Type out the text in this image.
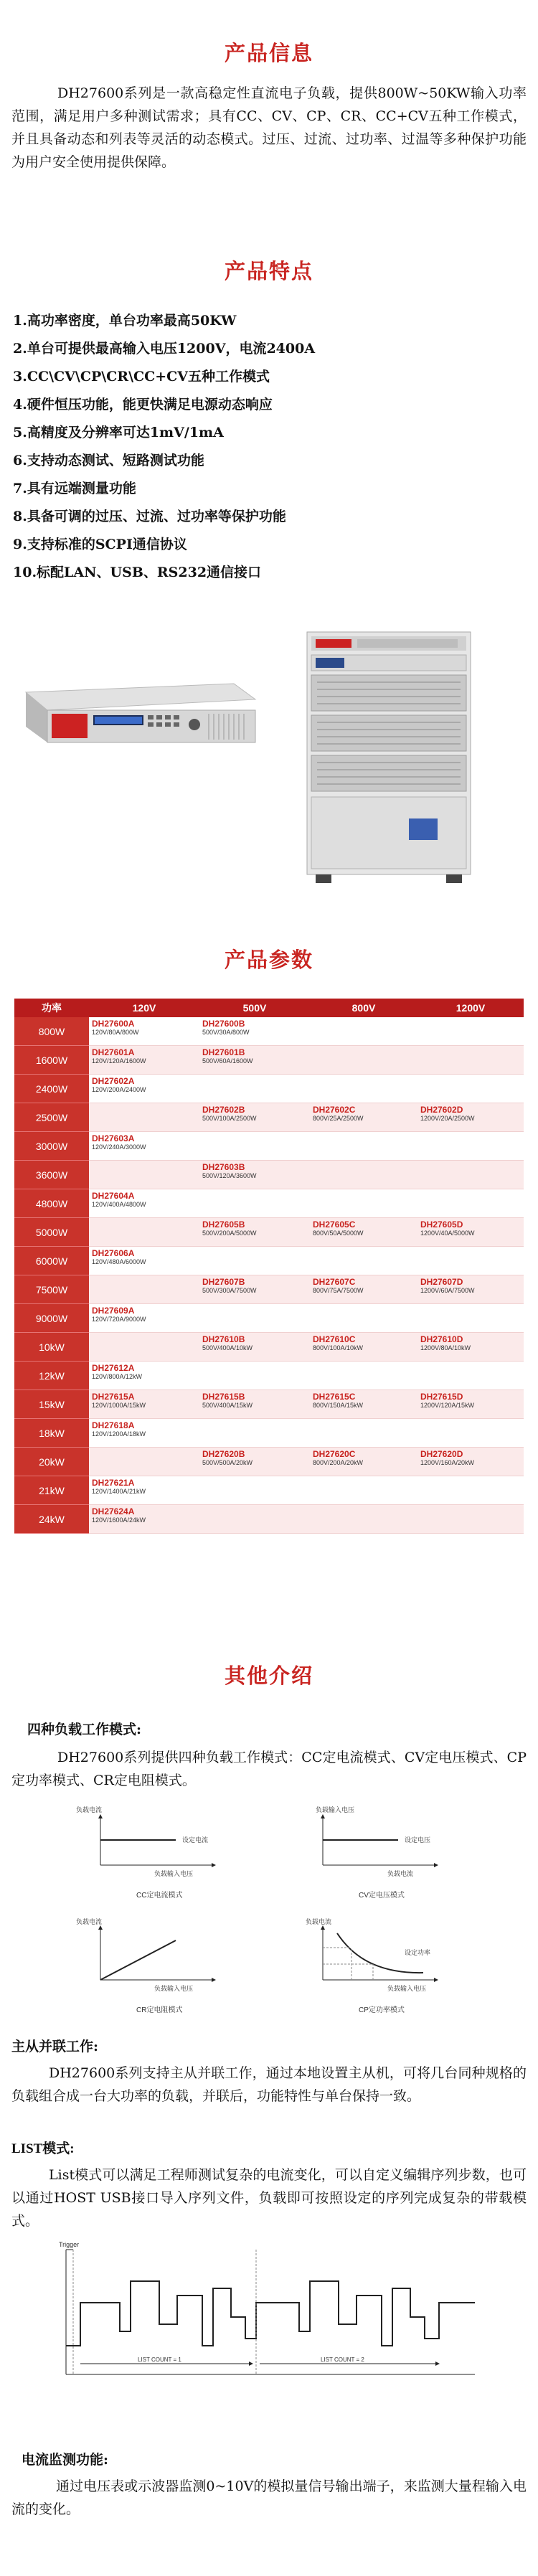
产品信息
DH27600系列是一款高稳定性直流电子负载，提供800W~50KW输入功率范围，满足用户多种测试需求；具有CC、CV、CP、CR、CC+CV五种工作模式，并且具备动态和列表等灵活的动态模式。过压、过流、过功率、过温等多种保护功能为用户安全使用提供保障。
产品特点
1.高功率密度，单台功率最高50KW
2.单台可提供最高输入电压1200V，电流2400A
3.CC\CV\CP\CR\CC+CV五种工作模式
4.硬件恒压功能，能更快满足电源动态响应
5.高精度及分辨率可达1mV/1mA
6.支持动态测试、短路测试功能
7.具有远端测量功能
8.具备可调的过压、过流、过功率等保护功能
9.支持标准的SCPI通信协议
10.标配LAN、USB、RS232通信接口
产品参数
功率	120V	500V	800V	1200V
800W	DH27600A
120V/80A/800W	DH27600B
500V/30A/800W		

1600W	DH27601A
120V/120A/1600W	DH27601B
500V/60A/1600W		

2400W	DH27602A
120V/200A/2400W			

2500W		DH27602B
500V/100A/2500W	DH27602C
800V/25A/2500W	DH27602D
1200V/20A/2500W

3000W	DH27603A
120V/240A/3000W			

3600W		DH27603B
500V/120A/3600W		

4800W	DH27604A
120V/400A/4800W			

5000W		DH27605B
500V/200A/5000W	DH27605C
800V/50A/5000W	DH27605D
1200V/40A/5000W

6000W	DH27606A
120V/480A/6000W			

7500W		DH27607B
500V/300A/7500W	DH27607C
800V/75A/7500W	DH27607D
1200V/60A/7500W

9000W	DH27609A
120V/720A/9000W			

10kW		DH27610B
500V/400A/10kW	DH27610C
800V/100A/10kW	DH27610D
1200V/80A/10kW

12kW	DH27612A
120V/800A/12kW			

15kW	DH27615A
120V/1000A/15kW	DH27615B
500V/400A/15kW	DH27615C
800V/150A/15kW	DH27615D
1200V/120A/15kW

18kW	DH27618A
120V/1200A/18kW			

20kW		DH27620B
500V/500A/20kW	DH27620C
800V/200A/20kW	DH27620D
1200V/160A/20kW

21kW	DH27621A
120V/1400A/21kW			

24kW	DH27624A
120V/1600A/24kW			

其他介绍
四种负载工作模式:
DH27600系列提供四种负载工作模式：CC定电流模式、CV定电压模式、CP定功率模式、CR定电阻模式。
负载电流
负载输入电压
设定电流
CC定电流模式
负载输入电压
负载电流
设定电压
CV定电压模式
负载电流
负载输入电压
CR定电阻模式
负载电流
负载输入电压
设定功率
CP定功率模式
主从并联工作:
DH27600系列支持主从并联工作，通过本地设置主从机，可将几台同种规格的负载组合成一台大功率的负载，并联后，功能特性与单台保持一致。
LIST模式:
List模式可以满足工程师测试复杂的电流变化，可以自定义编辑序列步数，也可以通过HOST USB接口导入序列文件，负载即可按照设定的序列完成复杂的带载模式。
Trigger
LIST COUNT = 1	LIST COUNT = 2
电流监测功能:
通过电压表或示波器监测0~10V的模拟量信号输出端子，来监测大量程输入电流的变化。
